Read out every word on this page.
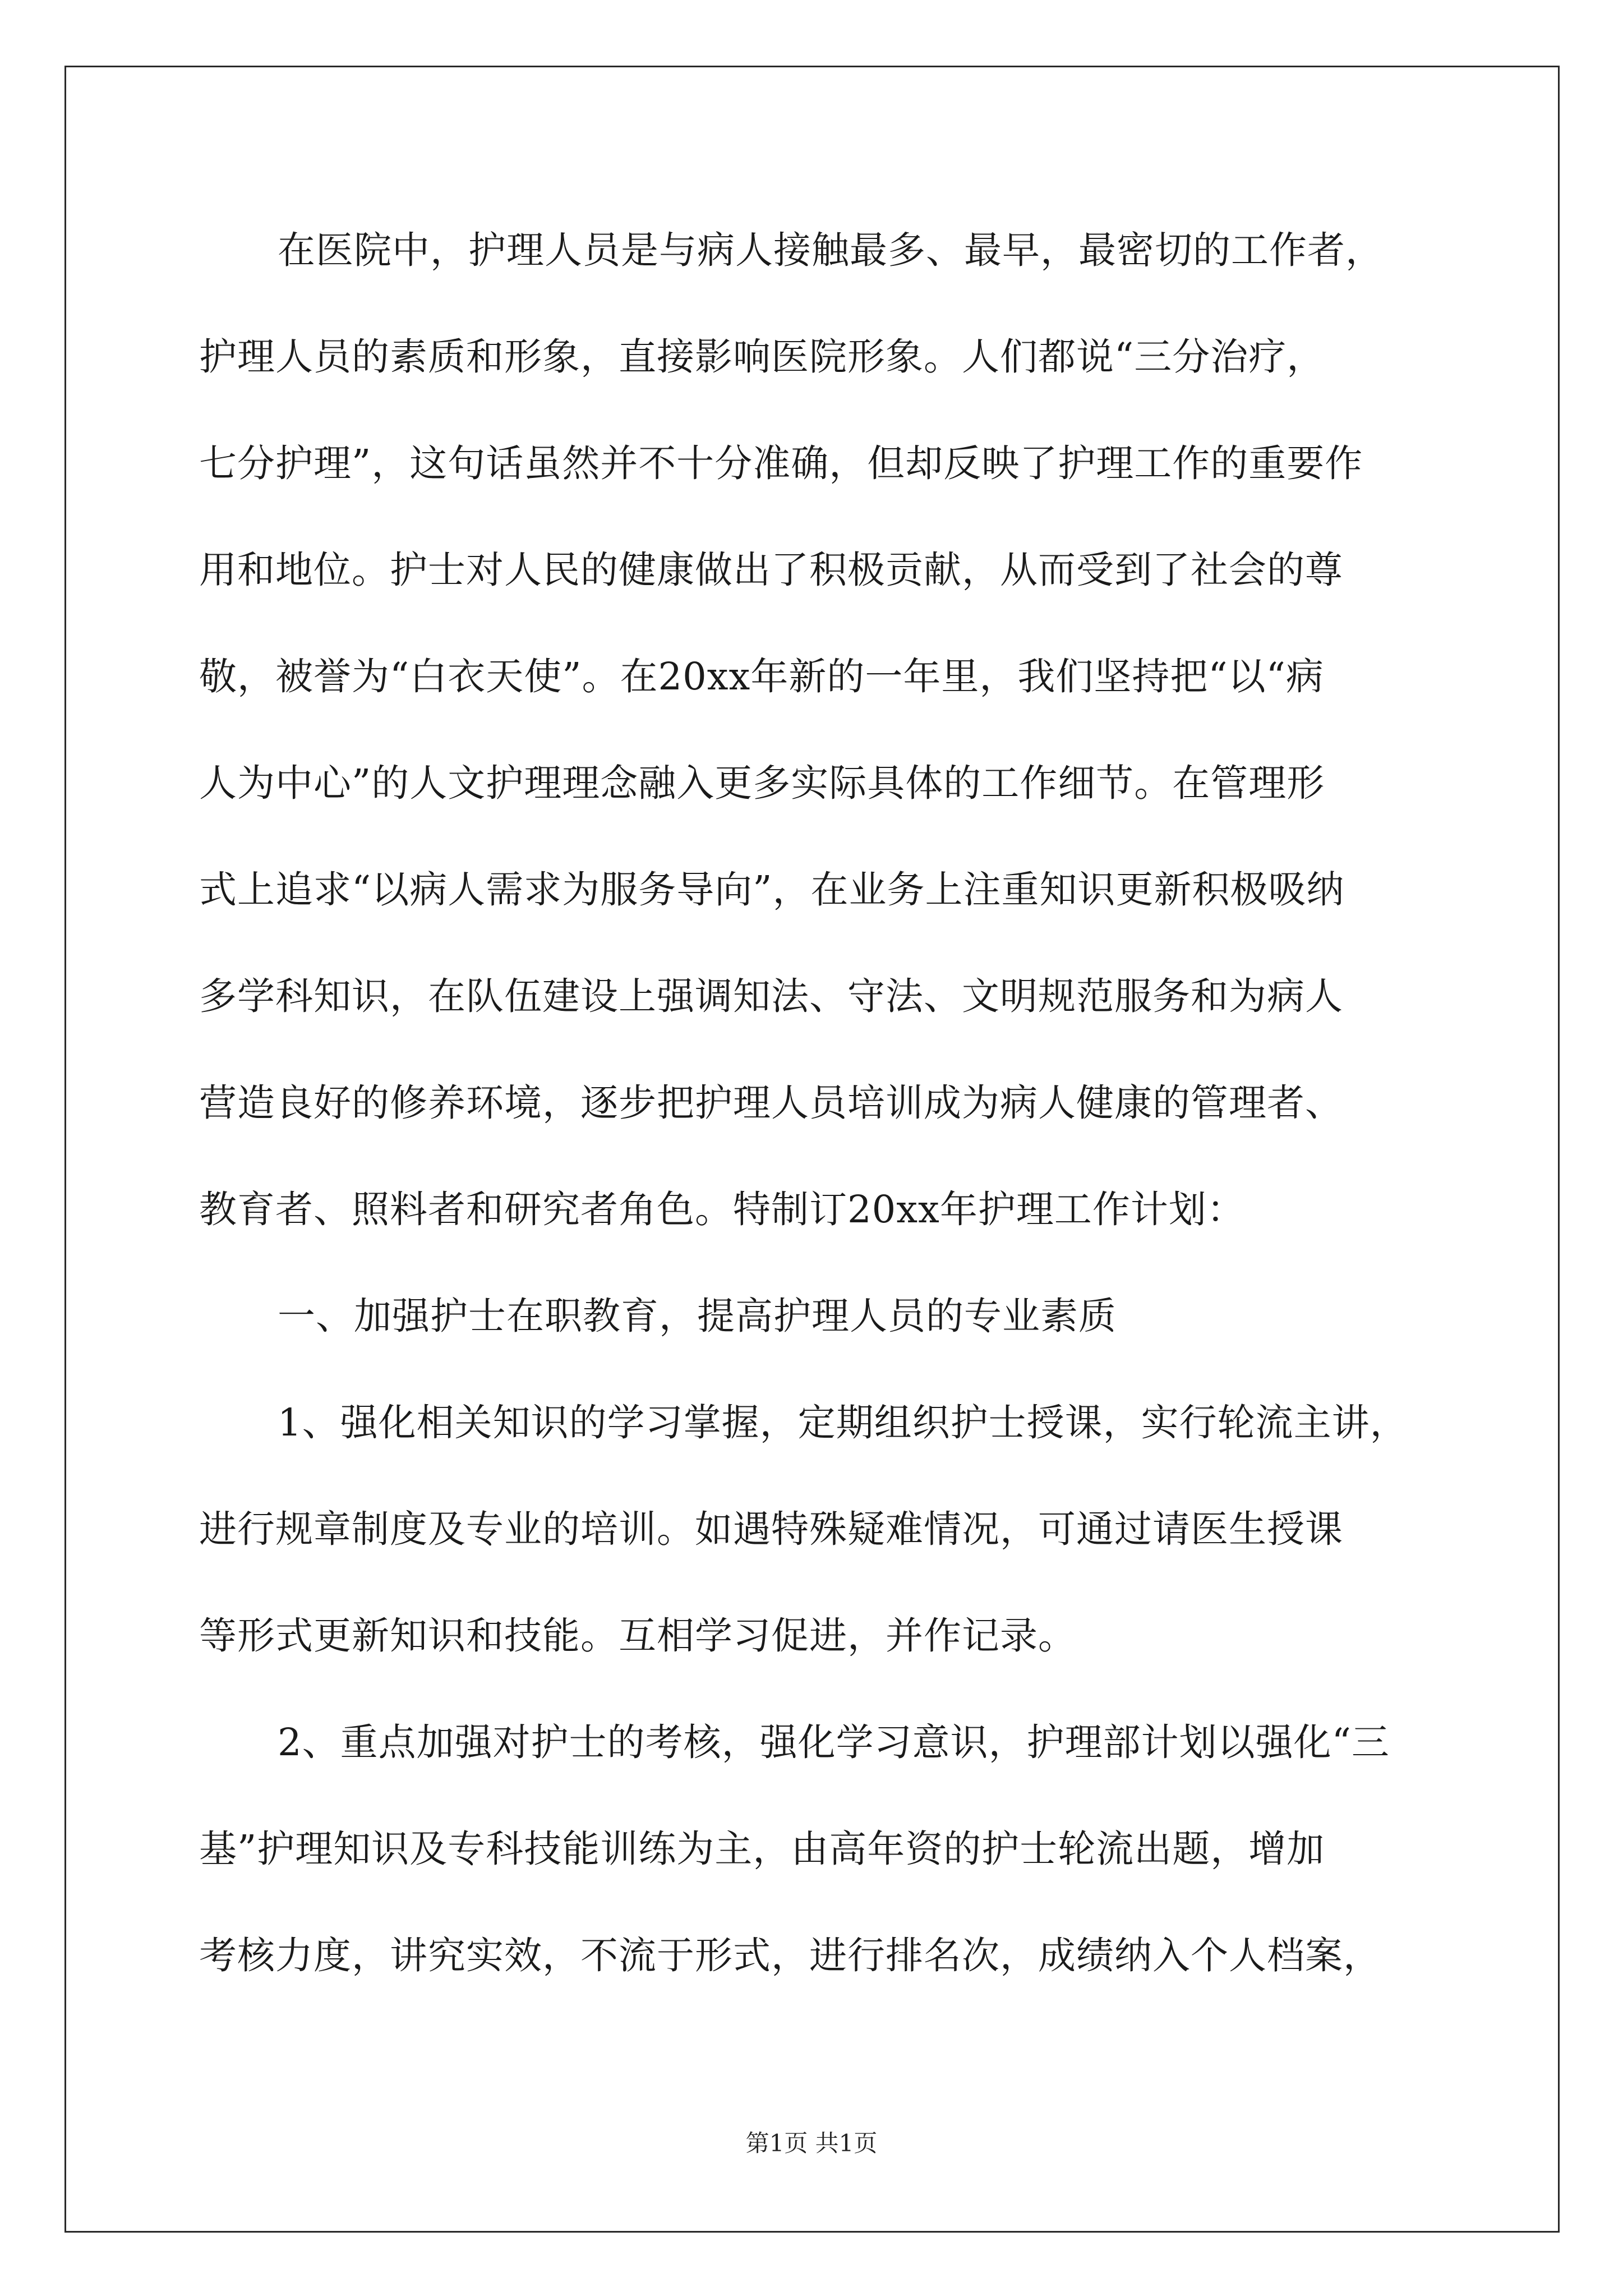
在医院中，护理人员是与病人接触最多、最早，最密切的工作者，
护理人员的素质和形象，直接影响医院形象。人们都说“三分治疗，
七分护理”，这句话虽然并不十分准确，但却反映了护理工作的重要作
用和地位。护士对人民的健康做出了积极贡献，从而受到了社会的尊
敬，被誉为“白衣天使”。在20xx年新的一年里，我们坚持把“以“病
人为中心”的人文护理理念融入更多实际具体的工作细节。在管理形
式上追求“以病人需求为服务导向”，在业务上注重知识更新积极吸纳
多学科知识，在队伍建设上强调知法、守法、文明规范服务和为病人
营造良好的修养环境，逐步把护理人员培训成为病人健康的管理者、
教育者、照料者和研究者角色。特制订20xx年护理工作计划：
一、加强护士在职教育，提高护理人员的专业素质
1、强化相关知识的学习掌握，定期组织护士授课，实行轮流主讲，
进行规章制度及专业的培训。如遇特殊疑难情况，可通过请医生授课
等形式更新知识和技能。互相学习促进，并作记录。
2、重点加强对护士的考核，强化学习意识，护理部计划以强化“三
基”护理知识及专科技能训练为主，由高年资的护士轮流出题，增加
考核力度，讲究实效，不流于形式，进行排名次，成绩纳入个人档案，
第1页 共1页
